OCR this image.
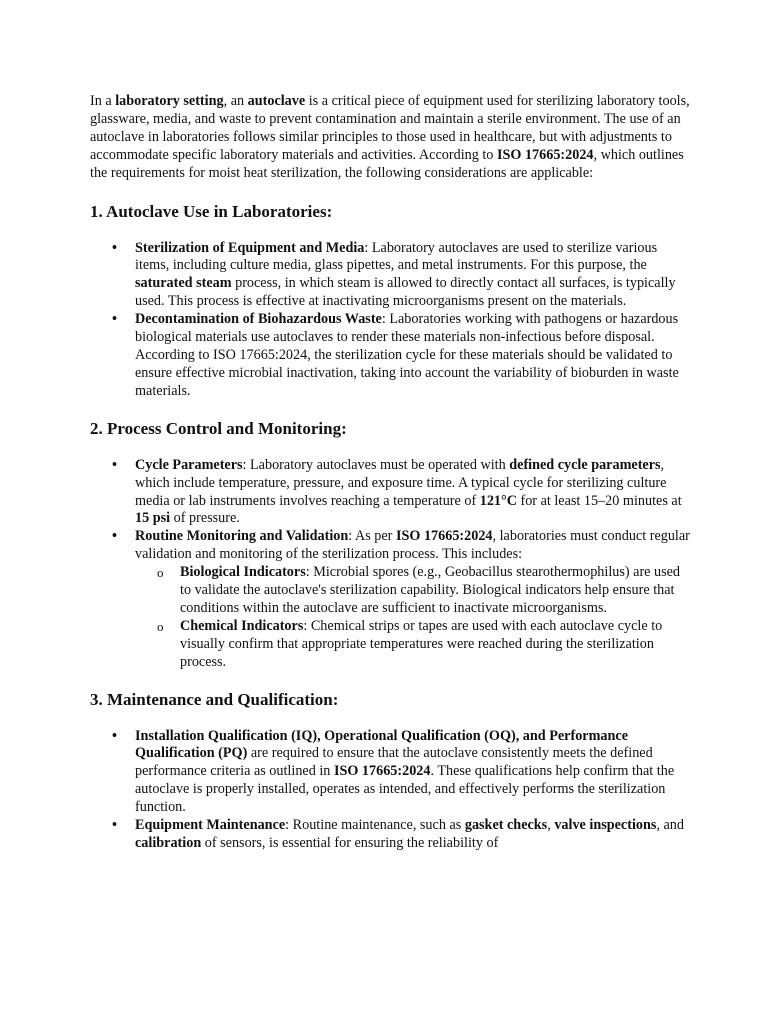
In a laboratory setting, an autoclave is a critical piece of equipment used for sterilizing laboratory tools, glassware, media, and waste to prevent contamination and maintain a sterile environment. The use of an autoclave in laboratories follows similar principles to those used in healthcare, but with adjustments to accommodate specific laboratory materials and activities. According to ISO 17665:2024, which outlines the requirements for moist heat sterilization, the following considerations are applicable:

1. Autoclave Use in Laboratories:
• Sterilization of Equipment and Media: Laboratory autoclaves are used to sterilize various items, including culture media, glass pipettes, and metal instruments. For this purpose, the saturated steam process, in which steam is allowed to directly contact all surfaces, is typically used. This process is effective at inactivating microorganisms present on the materials.
• Decontamination of Biohazardous Waste: Laboratories working with pathogens or hazardous biological materials use autoclaves to render these materials non-infectious before disposal. According to ISO 17665:2024, the sterilization cycle for these materials should be validated to ensure effective microbial inactivation, taking into account the variability of bioburden in waste materials.
2. Process Control and Monitoring:
• Cycle Parameters: Laboratory autoclaves must be operated with defined cycle parameters, which include temperature, pressure, and exposure time. A typical cycle for sterilizing culture media or lab instruments involves reaching a temperature of 121°C for at least 15–20 minutes at 15 psi of pressure.
• Routine Monitoring and Validation: As per ISO 17665:2024, laboratories must conduct regular validation and monitoring of the sterilization process. This includes:
o Biological Indicators: Microbial spores (e.g., Geobacillus stearothermophilus) are used to validate the autoclave's sterilization capability. Biological indicators help ensure that conditions within the autoclave are sufficient to inactivate microorganisms.
o Chemical Indicators: Chemical strips or tapes are used with each autoclave cycle to visually confirm that appropriate temperatures were reached during the sterilization process.
3. Maintenance and Qualification:
• Installation Qualification (IQ), Operational Qualification (OQ), and Performance Qualification (PQ) are required to ensure that the autoclave consistently meets the defined performance criteria as outlined in ISO 17665:2024. These qualifications help confirm that the autoclave is properly installed, operates as intended, and effectively performs the sterilization function.
• Equipment Maintenance: Routine maintenance, such as gasket checks, valve inspections, and calibration of sensors, is essential for ensuring the reliability of
